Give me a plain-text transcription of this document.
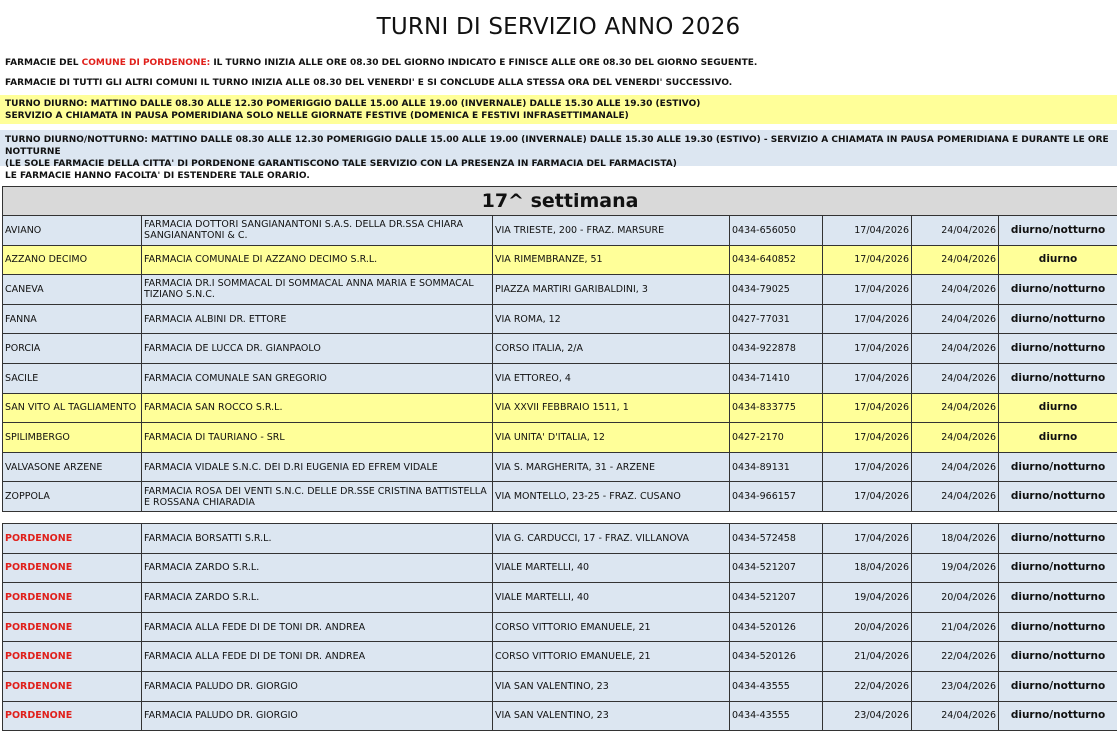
TURNI DI SERVIZIO ANNO 2026
FARMACIE DEL COMUNE DI PORDENONE: IL TURNO INIZIA ALLE ORE 08.30 DEL GIORNO INDICATO E FINISCE ALLE ORE 08.30 DEL GIORNO SEGUENTE.
FARMACIE DI TUTTI GLI ALTRI COMUNI IL TURNO INIZIA ALLE 08.30 DEL VENERDI' E SI CONCLUDE ALLA STESSA ORA DEL VENERDI' SUCCESSIVO.
TURNO DIURNO: MATTINO DALLE 08.30 ALLE 12.30 POMERIGGIO DALLE 15.00 ALLE 19.00 (INVERNALE) DALLE 15.30 ALLE 19.30 (ESTIVO)
SERVIZIO A CHIAMATA IN PAUSA POMERIDIANA SOLO NELLE GIORNATE FESTIVE (DOMENICA E FESTIVI INFRASETTIMANALE)
TURNO DIURNO/NOTTURNO: MATTINO DALLE 08.30 ALLE 12.30 POMERIGGIO DALLE 15.00 ALLE 19.00 (INVERNALE) DALLE 15.30 ALLE 19.30 (ESTIVO) - SERVIZIO A CHIAMATA IN PAUSA POMERIDIANA E DURANTE LE ORE NOTTURNE
(LE SOLE FARMACIE DELLA CITTA' DI PORDENONE GARANTISCONO TALE SERVIZIO CON LA PRESENZA IN FARMACIA DEL FARMACISTA)
LE FARMACIE HANNO FACOLTA' DI ESTENDERE TALE ORARIO.
17^ settimana						
AVIANO	FARMACIA DOTTORI SANGIANANTONI S.A.S. DELLA DR.SSA CHIARA SANGIANANTONI & C.	VIA TRIESTE, 200 - FRAZ. MARSURE	0434-656050	17/04/2026	24/04/2026	diurno/notturno
AZZANO DECIMO	FARMACIA COMUNALE DI AZZANO DECIMO S.R.L.	VIA RIMEMBRANZE, 51	0434-640852	17/04/2026	24/04/2026	diurno
CANEVA	FARMACIA DR.I SOMMACAL DI SOMMACAL ANNA MARIA E SOMMACAL TIZIANO S.N.C.	PIAZZA MARTIRI GARIBALDINI, 3	0434-79025	17/04/2026	24/04/2026	diurno/notturno
FANNA	FARMACIA ALBINI DR. ETTORE	VIA ROMA, 12	0427-77031	17/04/2026	24/04/2026	diurno/notturno
PORCIA	FARMACIA DE LUCCA DR. GIANPAOLO	CORSO ITALIA, 2/A	0434-922878	17/04/2026	24/04/2026	diurno/notturno
SACILE	FARMACIA COMUNALE SAN GREGORIO	VIA ETTOREO, 4	0434-71410	17/04/2026	24/04/2026	diurno/notturno
SAN VITO AL TAGLIAMENTO	FARMACIA SAN ROCCO S.R.L.	VIA XXVII FEBBRAIO 1511, 1	0434-833775	17/04/2026	24/04/2026	diurno
SPILIMBERGO	FARMACIA DI TAURIANO - SRL	VIA UNITA' D'ITALIA, 12	0427-2170	17/04/2026	24/04/2026	diurno
VALVASONE ARZENE	FARMACIA VIDALE S.N.C. DEI D.RI EUGENIA ED EFREM VIDALE	VIA S. MARGHERITA, 31 - ARZENE	0434-89131	17/04/2026	24/04/2026	diurno/notturno
ZOPPOLA	FARMACIA ROSA DEI VENTI S.N.C. DELLE DR.SSE CRISTINA BATTISTELLA E ROSSANA CHIARADIA	VIA MONTELLO, 23-25 - FRAZ. CUSANO	0434-966157	17/04/2026	24/04/2026	diurno/notturno

PORDENONE	FARMACIA BORSATTI S.R.L.	VIA G. CARDUCCI, 17 - FRAZ. VILLANOVA	0434-572458	17/04/2026	18/04/2026	diurno/notturno
PORDENONE	FARMACIA ZARDO S.R.L.	VIALE MARTELLI, 40	0434-521207	18/04/2026	19/04/2026	diurno/notturno
PORDENONE	FARMACIA ZARDO S.R.L.	VIALE MARTELLI, 40	0434-521207	19/04/2026	20/04/2026	diurno/notturno
PORDENONE	FARMACIA ALLA FEDE DI DE TONI DR. ANDREA	CORSO VITTORIO EMANUELE, 21	0434-520126	20/04/2026	21/04/2026	diurno/notturno
PORDENONE	FARMACIA ALLA FEDE DI DE TONI DR. ANDREA	CORSO VITTORIO EMANUELE, 21	0434-520126	21/04/2026	22/04/2026	diurno/notturno
PORDENONE	FARMACIA PALUDO DR. GIORGIO	VIA SAN VALENTINO, 23	0434-43555	22/04/2026	23/04/2026	diurno/notturno
PORDENONE	FARMACIA PALUDO DR. GIORGIO	VIA SAN VALENTINO, 23	0434-43555	23/04/2026	24/04/2026	diurno/notturno
